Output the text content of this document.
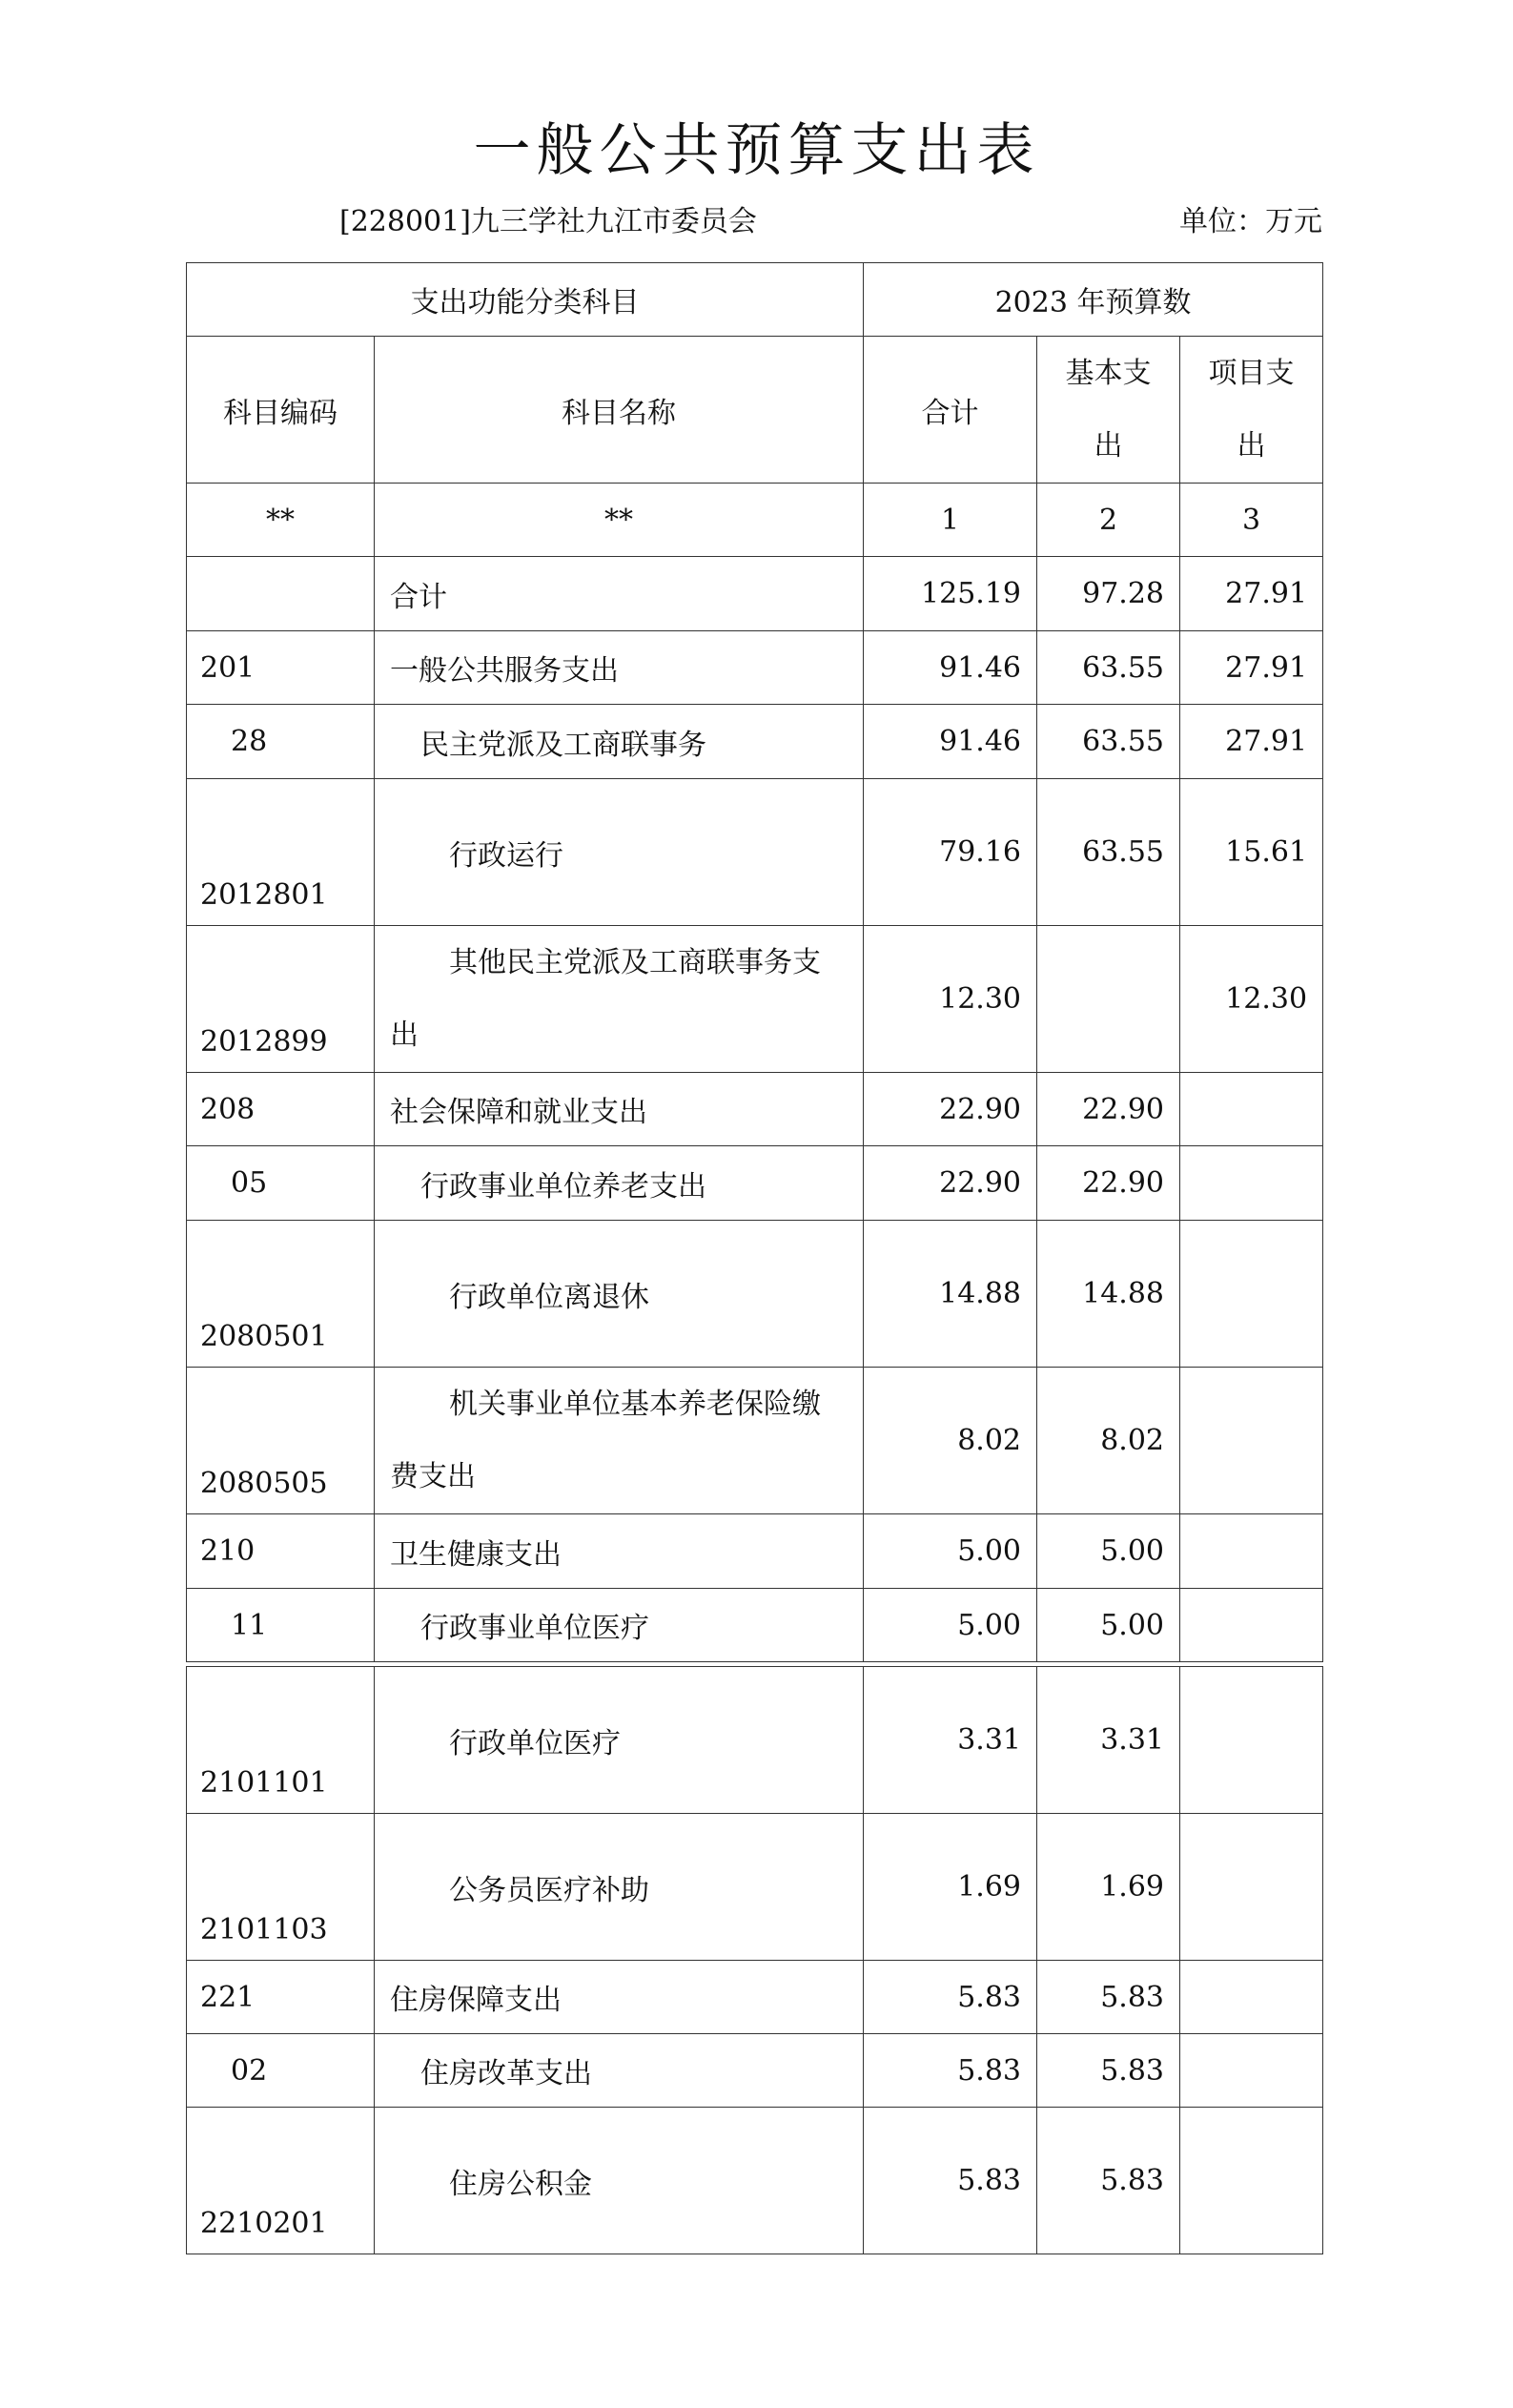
一般公共预算支出表
[228001]九三学社九江市委员会	单位：万元
支出功能分类科目		2023 年预算数		
科目编码	科目名称	合计	基本支出	项目支出
**	**	1	2	3
	合计	125.19	97.28	27.91
201	一般公共服务支出	91.46	63.55	27.91
28	民主党派及工商联事务	91.46	63.55	27.91
2012801	行政运行	79.16	63.55	15.61
2012899	其他民主党派及工商联事务支出	12.30		12.30
208	社会保障和就业支出	22.90	22.90	
05	行政事业单位养老支出	22.90	22.90	
2080501	行政单位离退休	14.88	14.88	
2080505	机关事业单位基本养老保险缴费支出	8.02	8.02	
210	卫生健康支出	5.00	5.00	
11	行政事业单位医疗	5.00	5.00	
2101101	行政单位医疗	3.31	3.31	
2101103	公务员医疗补助	1.69	1.69	
221	住房保障支出	5.83	5.83	
02	住房改革支出	5.83	5.83	
2210201	住房公积金	5.83	5.83	
